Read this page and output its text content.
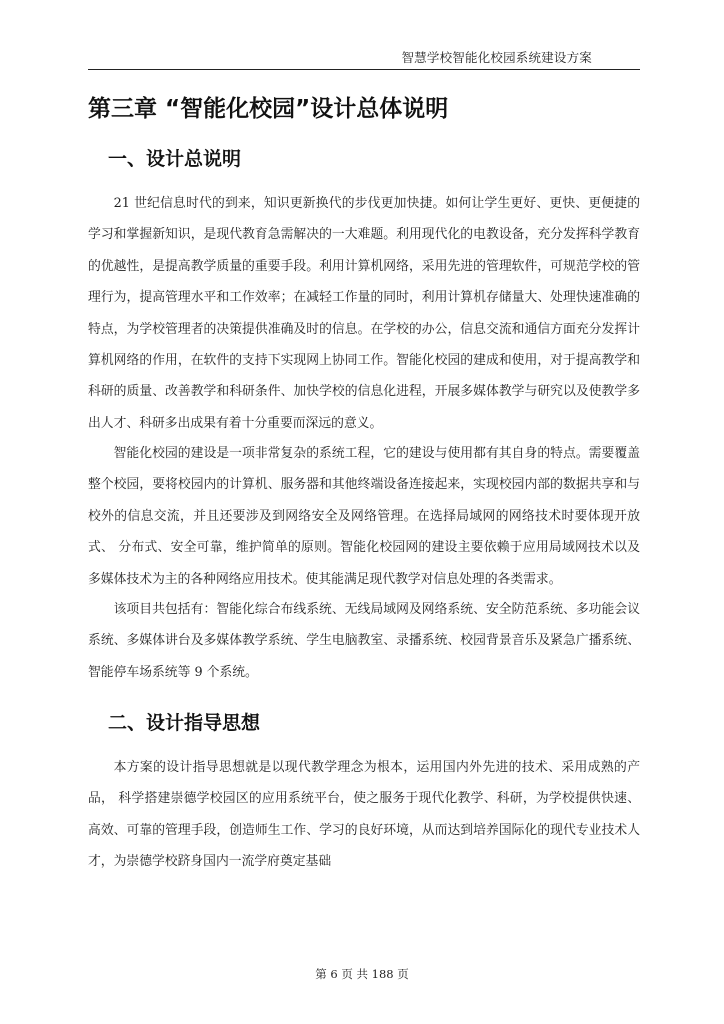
智慧学校智能化校园系统建设方案
第三章 “智能化校园”设计总体说明
一、设计总说明

21 世纪信息时代的到来，知识更新换代的步伐更加快捷。如何让学生更好、更快、更便捷的学习和掌握新知识，是现代教育急需解决的一大难题。利用现代化的电教设备，充分发挥科学教育的优越性，是提高教学质量的重要手段。利用计算机网络，采用先进的管理软件，可规范学校的管理行为，提高管理水平和工作效率；在减轻工作量的同时，利用计算机存储量大、处理快速准确的特点，为学校管理者的决策提供准确及时的信息。在学校的办公，信息交流和通信方面充分发挥计算机网络的作用，在软件的支持下实现网上协同工作。智能化校园的建成和使用，对于提高教学和科研的质量、改善教学和科研条件、加快学校的信息化进程，开展多媒体教学与研究以及使教学多出人才、科研多出成果有着十分重要而深远的意义。

智能化校园的建设是一项非常复杂的系统工程，它的建设与使用都有其自身的特点。需要覆盖整个校园，要将校园内的计算机、服务器和其他终端设备连接起来，实现校园内部的数据共享和与校外的信息交流，并且还要涉及到网络安全及网络管理。在选择局域网的网络技术时要体现开放式、 分布式、安全可靠，维护简单的原则。智能化校园网的建设主要依赖于应用局域网技术以及多媒体技术为主的各种网络应用技术。使其能满足现代教学对信息处理的各类需求。

该项目共包括有：智能化综合布线系统、无线局域网及网络系统、安全防范系统、多功能会议系统、多媒体讲台及多媒体教学系统、学生电脑教室、录播系统、校园背景音乐及紧急广播系统、智能停车场系统等 9 个系统。

二、设计指导思想

本方案的设计指导思想就是以现代教学理念为根本，运用国内外先进的技术、采用成熟的产品， 科学搭建崇德学校园区的应用系统平台，使之服务于现代化教学、科研，为学校提供快速、高效、可靠的管理手段，创造师生工作、学习的良好环境，从而达到培养国际化的现代专业技术人才，为崇德学校跻身国内一流学府奠定基础

第 6 页 共 188 页
